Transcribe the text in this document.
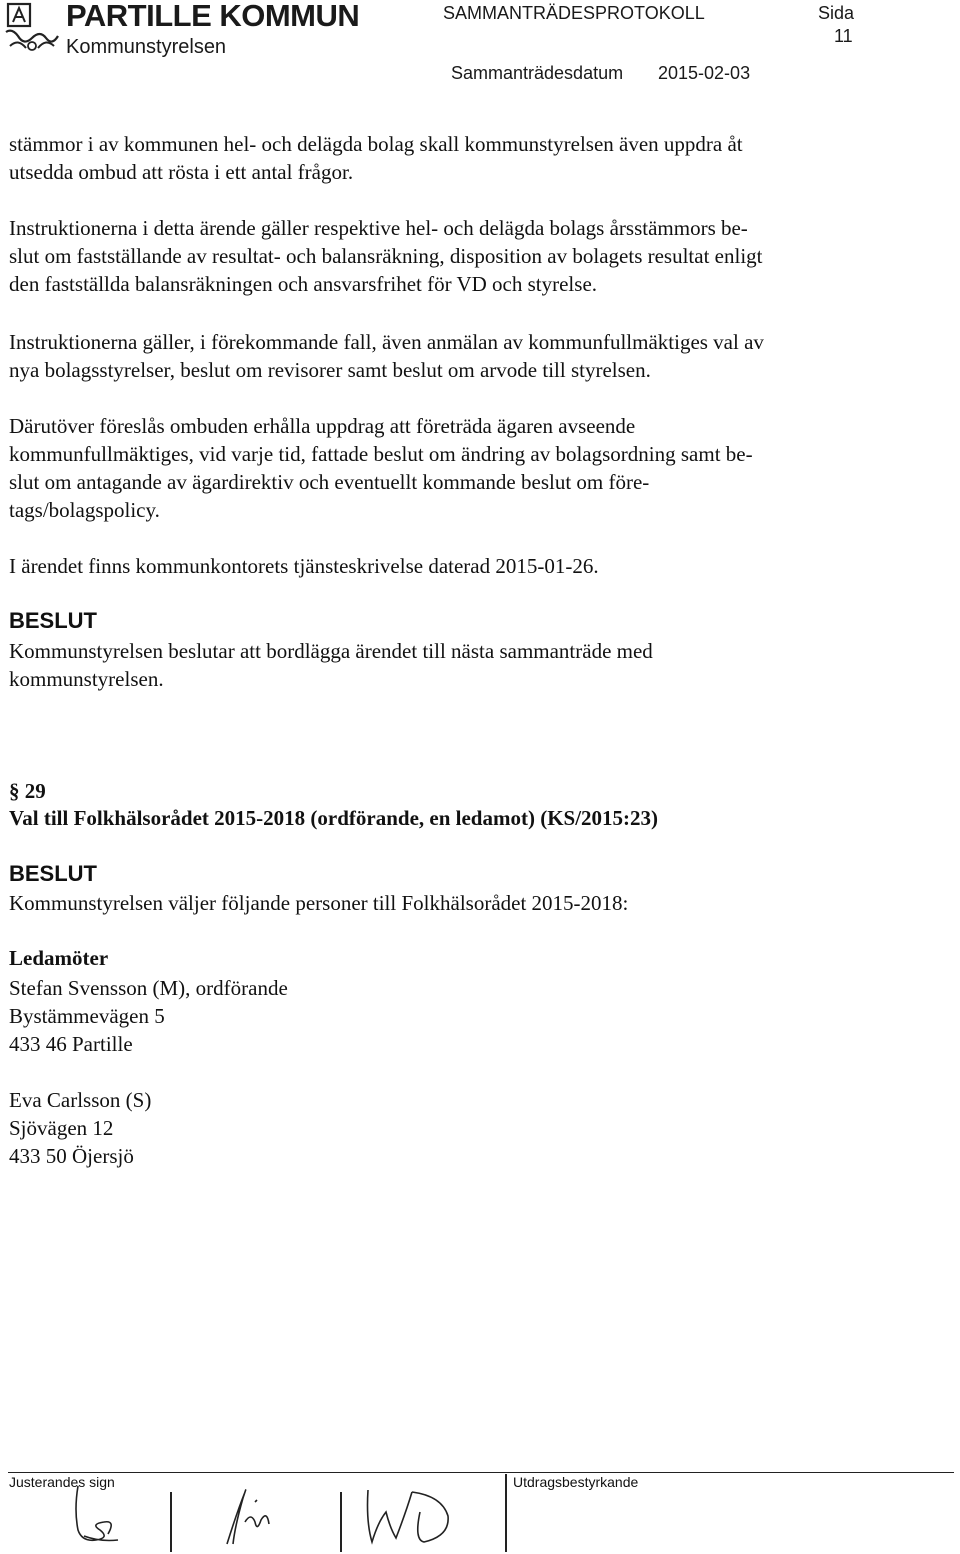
PARTILLE KOMMUN
Kommunstyrelsen
SAMMANTRÄDESPROTOKOLL	Sida
11
Sammanträdesdatum 2015-02-03
stämmor i av kommunen hel- och delägda bolag skall kommunstyrelsen även uppdra åt
utsedda ombud att rösta i ett antal frågor.
Instruktionerna i detta ärende gäller respektive hel- och delägda bolags årsstämmors be-
slut om fastställande av resultat- och balansräkning, disposition av bolagets resultat enligt
den fastställda balansräkningen och ansvarsfrihet för VD och styrelse.
Instruktionerna gäller, i förekommande fall, även anmälan av kommunfullmäktiges val av
nya bolagsstyrelser, beslut om revisorer samt beslut om arvode till styrelsen.
Därutöver föreslås ombuden erhålla uppdrag att företräda ägaren avseende
kommunfullmäktiges, vid varje tid, fattade beslut om ändring av bolagsordning samt be-
slut om antagande av ägardirektiv och eventuellt kommande beslut om före-
tags/bolagspolicy.
I ärendet finns kommunkontorets tjänsteskrivelse daterad 2015-01-26.
BESLUT
Kommunstyrelsen beslutar att bordlägga ärendet till nästa sammanträde med
kommunstyrelsen.
§ 29
Val till Folkhälsorådet 2015-2018 (ordförande, en ledamot) (KS/2015:23)
BESLUT
Kommunstyrelsen väljer följande personer till Folkhälsorådet 2015-2018:
Ledamöter
Stefan Svensson (M), ordförande
Bystämmevägen 5
433 46 Partille
Eva Carlsson (S)
Sjövägen 12
433 50 Öjersjö
Justerandes sign	Utdragsbestyrkande
